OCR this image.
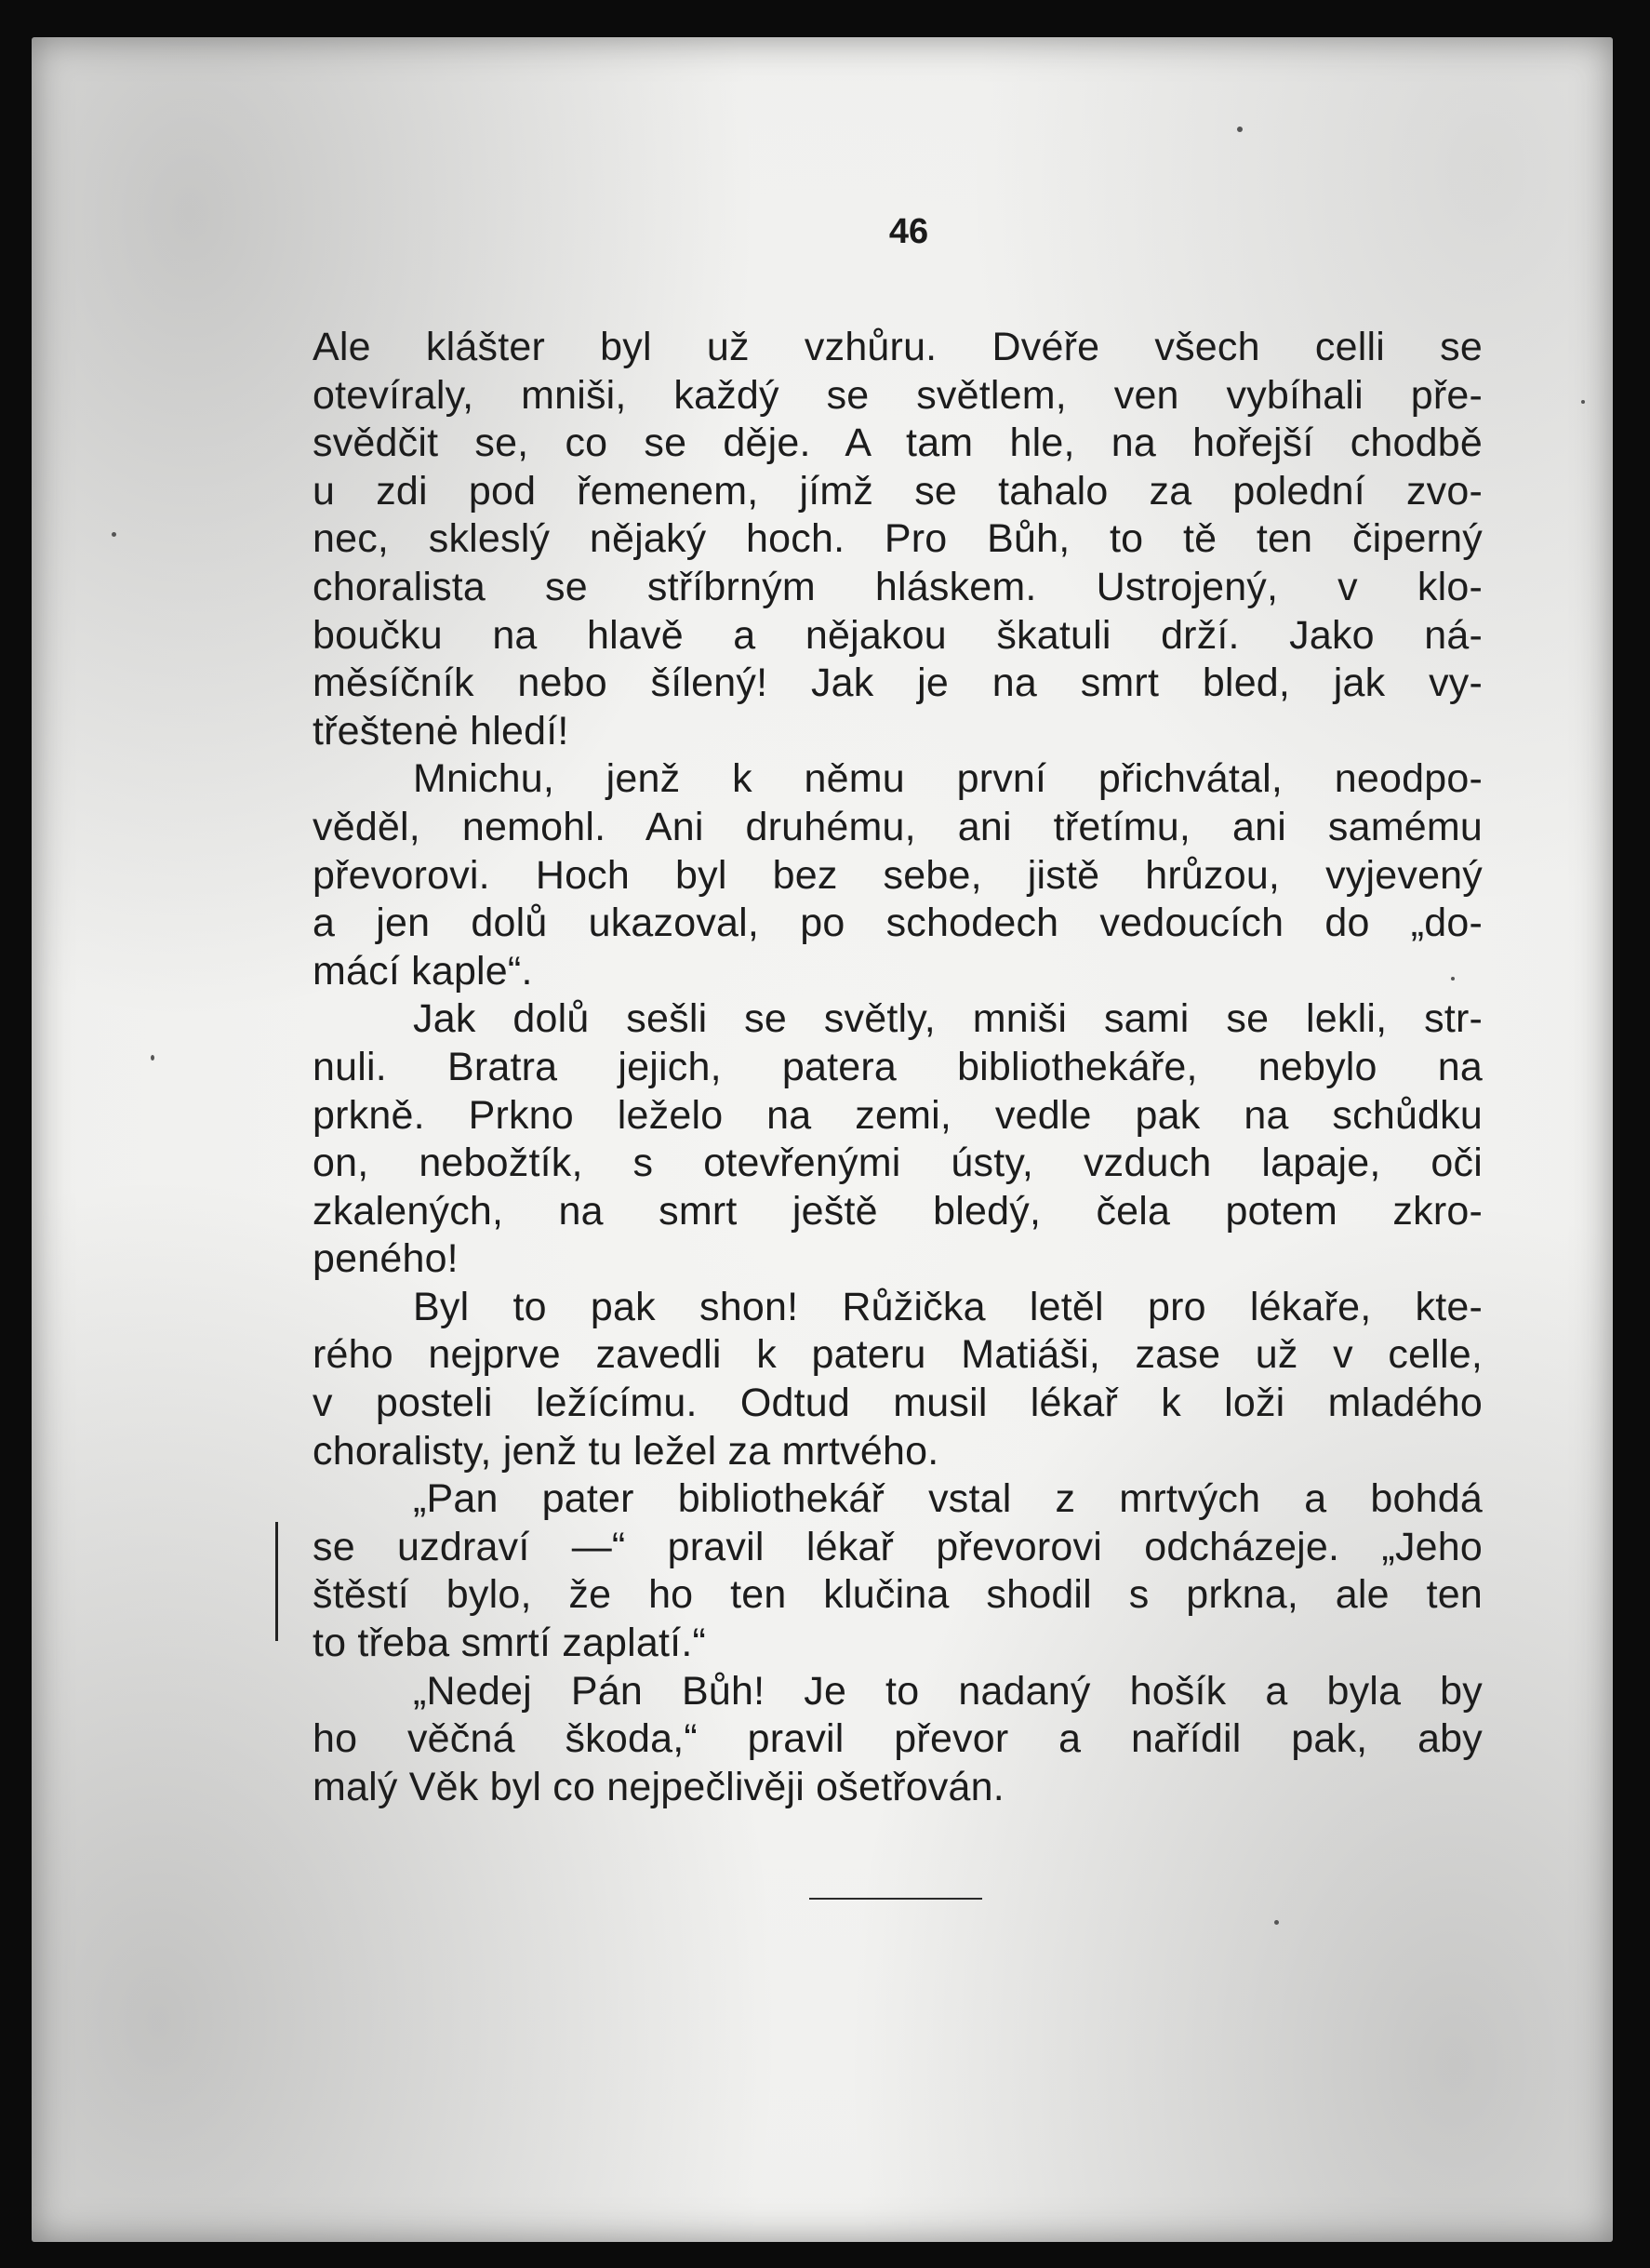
46
Ale klášter byl už vzhůru. Dvéře všech celli se
otevíraly, mniši, každý se světlem, ven vybíhali pře-
svědčit se, co se děje. A tam hle, na hořejší chodbě
u zdi pod řemenem, jímž se tahalo za polední zvo-
nec, skleslý nějaký hoch. Pro Bůh, to tě ten čiperný
choralista se stříbrným hláskem. Ustrojený, v klo-
boučku na hlavě a nějakou škatuli drží. Jako ná-
měsíčník nebo šílený! Jak je na smrt bled, jak vy-
třeštenė hledí!
Mnichu, jenž k němu první přichvátal, neodpo-
věděl, nemohl. Ani druhému, ani třetímu, ani samému
převorovi. Hoch byl bez sebe, jistě hrůzou, vyjevený
a jen dolů ukazoval, po schodech vedoucích do „do-
mácí kaple“.
Jak dolů sešli se světly, mniši sami se lekli, str-
nuli. Bratra jejich, patera bibliothekáře, nebylo na
prkně. Prkno leželo na zemi, vedle pak na schůdku
on, nebožtík, s otevřenými ústy, vzduch lapaje, oči
zkalených, na smrt ještě bledý, čela potem zkro-
peného!
Byl to pak shon! Růžička letěl pro lékaře, kte-
rého nejprve zavedli k pateru Matiáši, zase už v celle,
v posteli ležícímu. Odtud musil lékař k loži mladého
choralisty, jenž tu ležel za mrtvého.
„Pan pater bibliothekář vstal z mrtvých a bohdá
se uzdraví —“ pravil lékař převorovi odcházeje. „Jeho
štěstí bylo, že ho ten klučina shodil s prkna, ale ten
to třeba smrtí zaplatí.“
„Nedej Pán Bůh! Je to nadaný hošík a byla by
ho věčná škoda,“ pravil převor a nařídil pak, aby
malý Věk byl co nejpečlivěji ošetřován.
